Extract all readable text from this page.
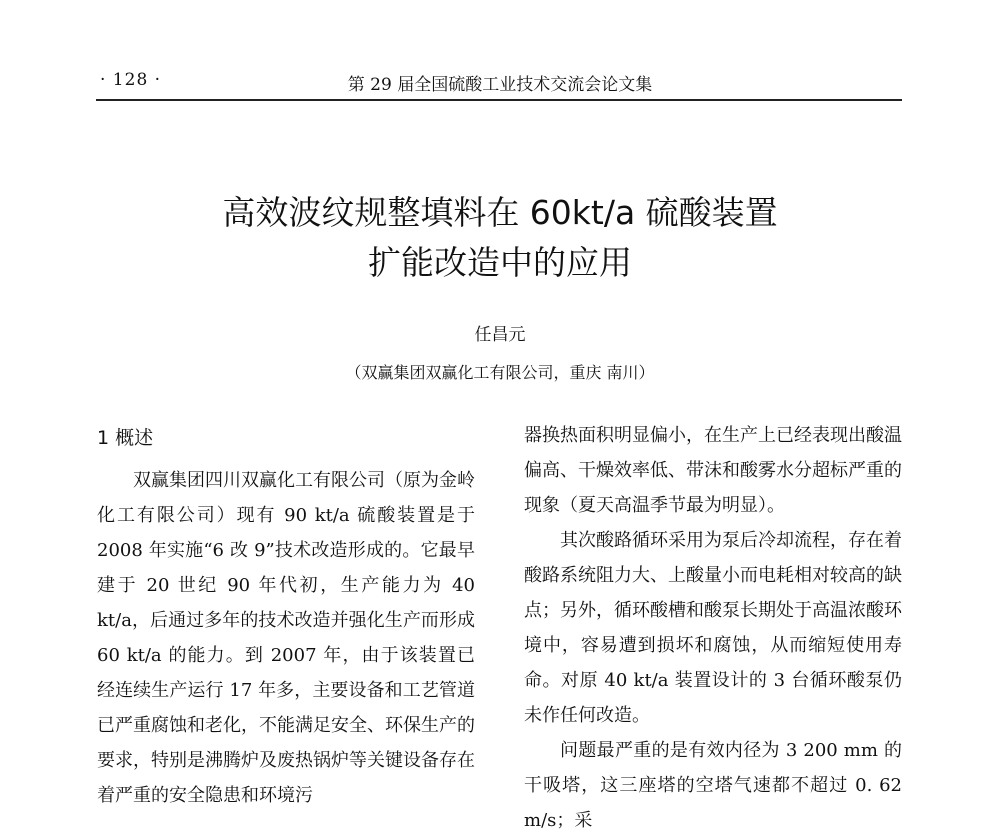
· 128 ·	第 29 届全国硫酸工业技术交流会论文集
高效波纹规整填料在 60kt/a 硫酸装置
扩能改造中的应用
任昌元
（双赢集团双赢化工有限公司，重庆 南川）
1 概述

双赢集团四川双赢化工有限公司（原为金岭化工有限公司）现有 90 kt/a 硫酸装置是于 2008 年实施“6 改 9”技术改造形成的。它最早建于 20 世纪 90 年代初，生产能力为 40 kt/a，后通过多年的技术改造并强化生产而形成 60 kt/a 的能力。到 2007 年，由于该装置已经连续生产运行 17 年多，主要设备和工艺管道已严重腐蚀和老化，不能满足安全、环保生产的要求，特别是沸腾炉及废热锅炉等关键设备存在着严重的安全隐患和环境污

器换热面积明显偏小，在生产上已经表现出酸温偏高、干燥效率低、带沫和酸雾水分超标严重的现象（夏天高温季节最为明显）。

其次酸路循环采用为泵后冷却流程，存在着酸路系统阻力大、上酸量小而电耗相对较高的缺点；另外，循环酸槽和酸泵长期处于高温浓酸环境中，容易遭到损坏和腐蚀，从而缩短使用寿命。对原 40 kt/a 装置设计的 3 台循环酸泵仍未作任何改造。

问题最严重的是有效内径为 3 200 mm 的干吸塔，这三座塔的空塔气速都不超过 0. 62 m/s；采
